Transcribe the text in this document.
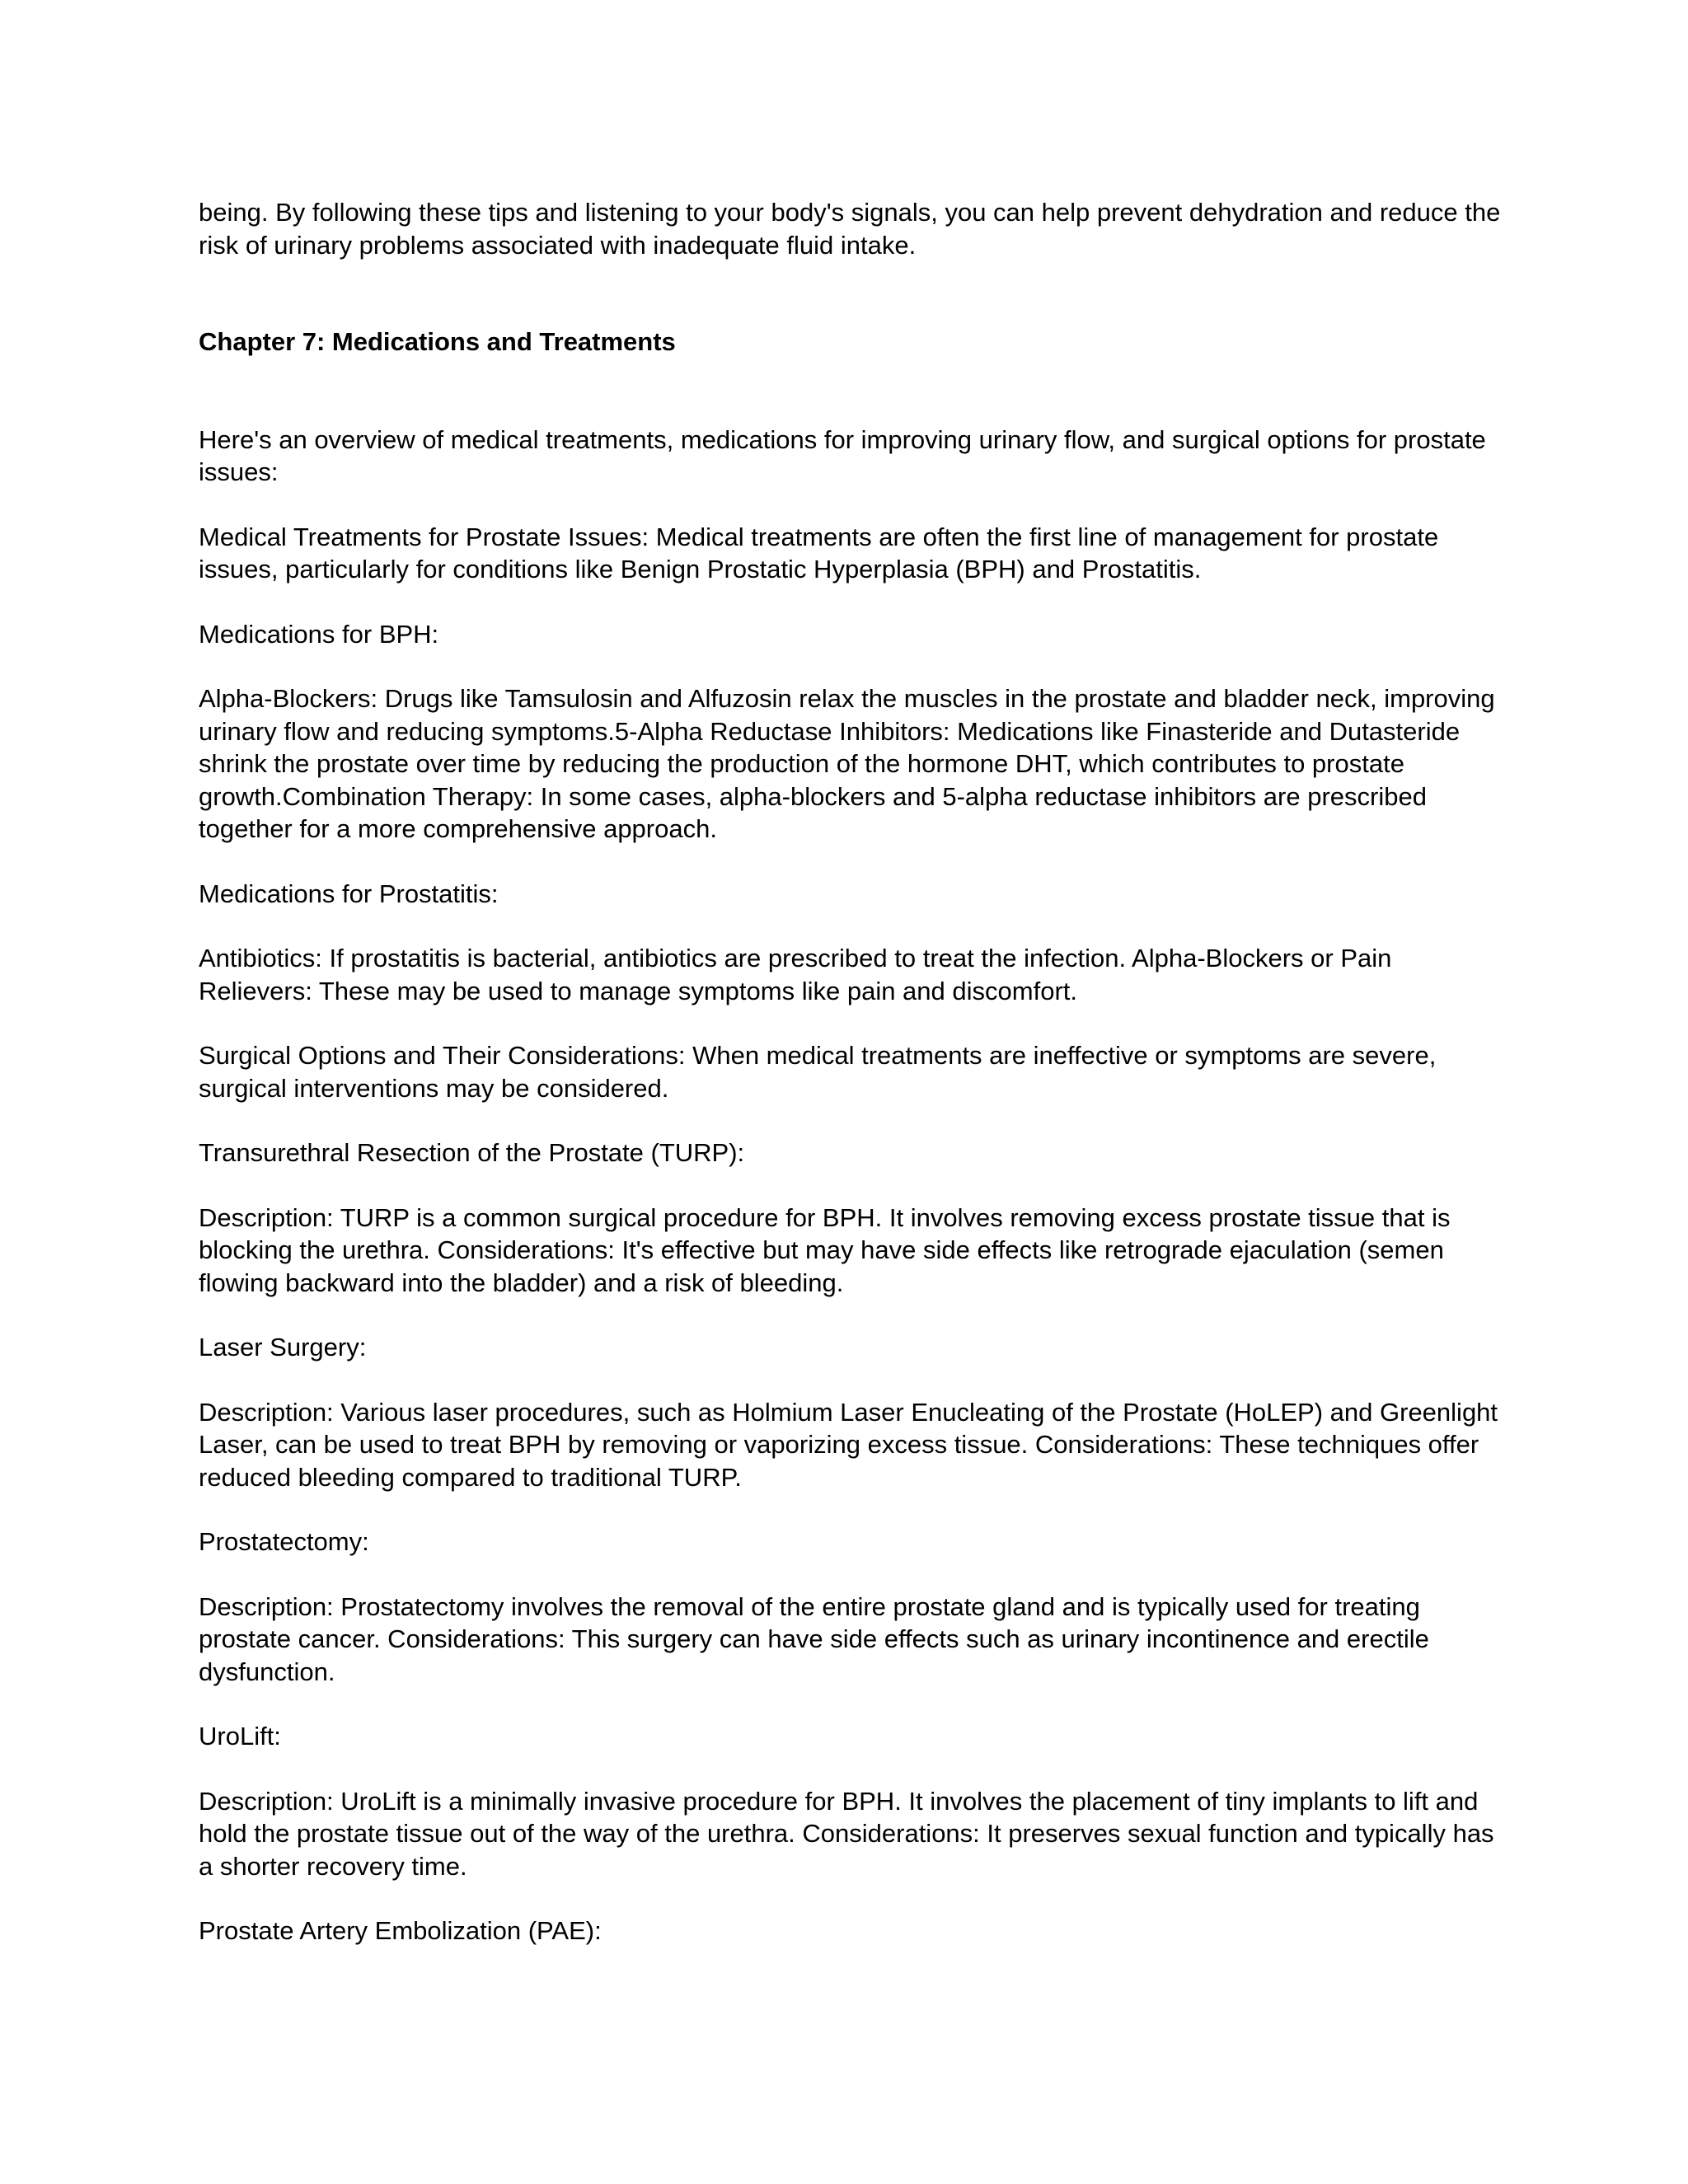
being. By following these tips and listening to your body's signals, you can help prevent dehydration and reduce the risk of urinary problems associated with inadequate fluid intake.

Chapter 7: Medications and Treatments

Here's an overview of medical treatments, medications for improving urinary flow, and surgical options for prostate issues:

Medical Treatments for Prostate Issues: Medical treatments are often the first line of management for prostate issues, particularly for conditions like Benign Prostatic Hyperplasia (BPH) and Prostatitis.

Medications for BPH:

Alpha-Blockers: Drugs like Tamsulosin and Alfuzosin relax the muscles in the prostate and bladder neck, improving urinary flow and reducing symptoms.5-Alpha Reductase Inhibitors: Medications like Finasteride and Dutasteride shrink the prostate over time by reducing the production of the hormone DHT, which contributes to prostate growth.Combination Therapy: In some cases, alpha-blockers and 5-alpha reductase inhibitors are prescribed together for a more comprehensive approach.

Medications for Prostatitis:

Antibiotics: If prostatitis is bacterial, antibiotics are prescribed to treat the infection. Alpha-Blockers or Pain Relievers: These may be used to manage symptoms like pain and discomfort.

Surgical Options and Their Considerations: When medical treatments are ineffective or symptoms are severe, surgical interventions may be considered.

Transurethral Resection of the Prostate (TURP):

Description: TURP is a common surgical procedure for BPH. It involves removing excess prostate tissue that is blocking the urethra. Considerations: It's effective but may have side effects like retrograde ejaculation (semen flowing backward into the bladder) and a risk of bleeding.

Laser Surgery:

Description: Various laser procedures, such as Holmium Laser Enucleating of the Prostate (HoLEP) and Greenlight Laser, can be used to treat BPH by removing or vaporizing excess tissue. Considerations: These techniques offer reduced bleeding compared to traditional TURP.

Prostatectomy:

Description: Prostatectomy involves the removal of the entire prostate gland and is typically used for treating prostate cancer. Considerations: This surgery can have side effects such as urinary incontinence and erectile dysfunction.

UroLift:

Description: UroLift is a minimally invasive procedure for BPH. It involves the placement of tiny implants to lift and hold the prostate tissue out of the way of the urethra. Considerations: It preserves sexual function and typically has a shorter recovery time.

Prostate Artery Embolization (PAE):
